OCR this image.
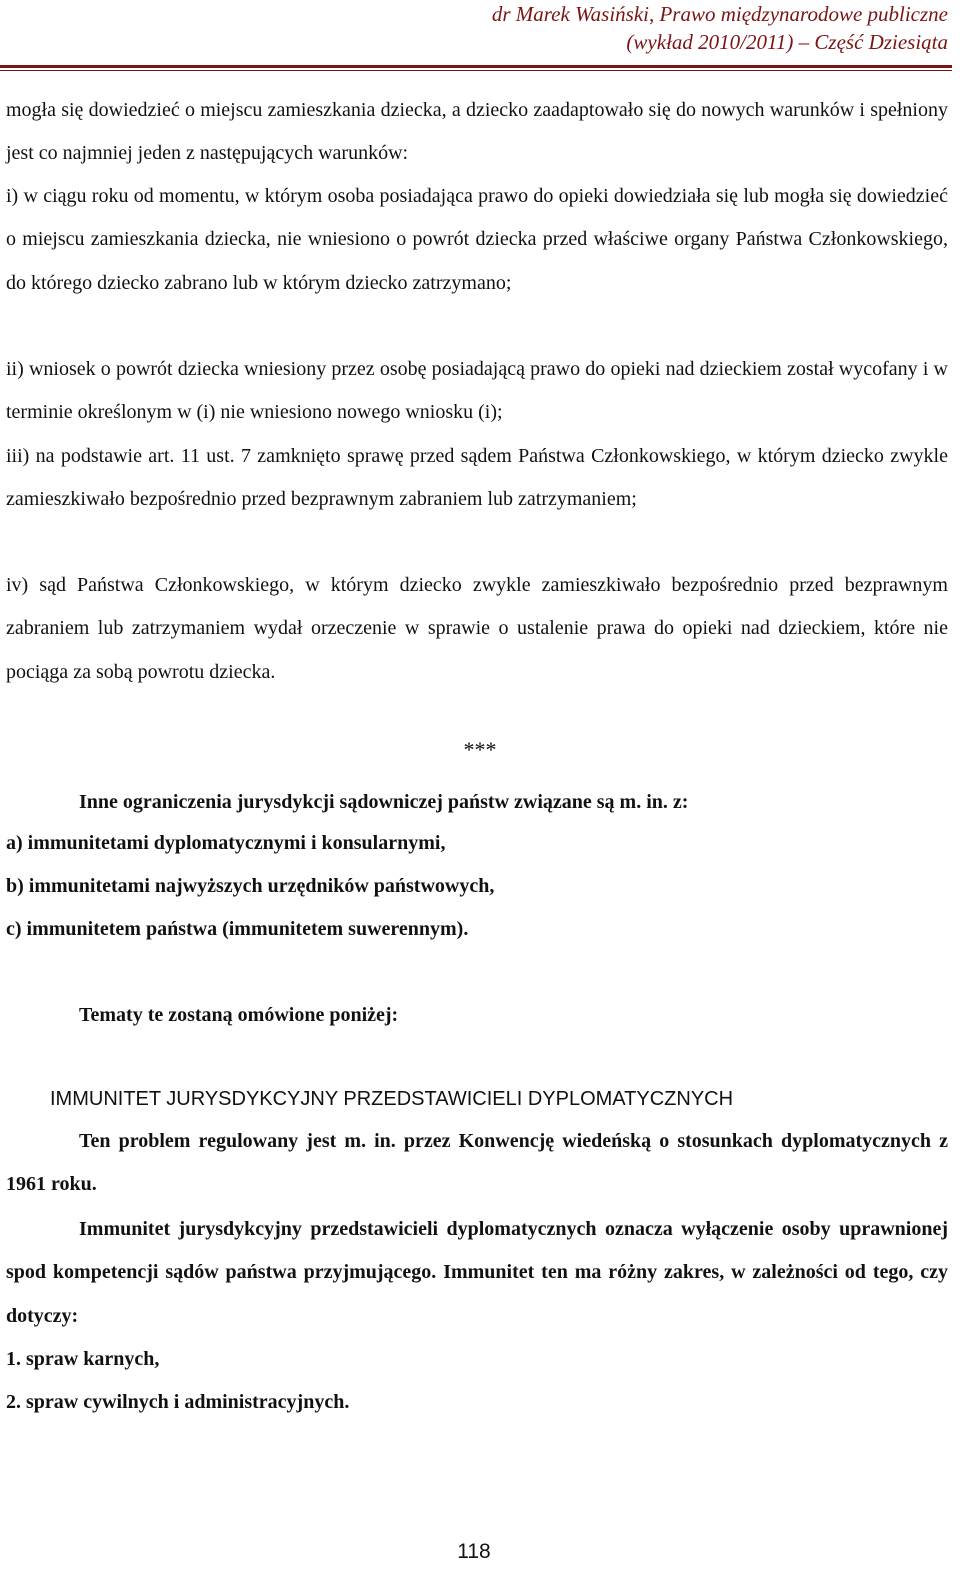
dr Marek Wasiński, Prawo międzynarodowe publiczne
(wykład 2010/2011) – Część Dziesiąta
mogła się dowiedzieć o miejscu zamieszkania dziecka, a dziecko zaadaptowało się do nowych warunków i spełniony jest co najmniej jeden z następujących warunków:
i) w ciągu roku od momentu, w którym osoba posiadająca prawo do opieki dowiedziała się lub mogła się dowiedzieć o miejscu zamieszkania dziecka, nie wniesiono o powrót dziecka przed właściwe organy Państwa Członkowskiego, do którego dziecko zabrano lub w którym dziecko zatrzymano;
ii) wniosek o powrót dziecka wniesiony przez osobę posiadającą prawo do opieki nad dzieckiem został wycofany i w terminie określonym w (i) nie wniesiono nowego wniosku (i);
iii) na podstawie art. 11 ust. 7 zamknięto sprawę przed sądem Państwa Członkowskiego, w którym dziecko zwykle zamieszkiwało bezpośrednio przed bezprawnym zabraniem lub zatrzymaniem;
iv) sąd Państwa Członkowskiego, w którym dziecko zwykle zamieszkiwało bezpośrednio przed bezprawnym zabraniem lub zatrzymaniem wydał orzeczenie w sprawie o ustalenie prawa do opieki nad dzieckiem, które nie pociąga za sobą powrotu dziecka.
***
Inne ograniczenia jurysdykcji sądowniczej państw związane są m. in. z:
a) immunitetami dyplomatycznymi i konsularnymi,
b) immunitetami najwyższych urzędników państwowych,
c) immunitetem państwa (immunitetem suwerennym).
Tematy te zostaną omówione poniżej:
IMMUNITET JURYSDYKCYJNY PRZEDSTAWICIELI DYPLOMATYCZNYCH
Ten problem regulowany jest m. in. przez Konwencję wiedeńską o stosunkach dyplomatycznych z 1961 roku.
Immunitet jurysdykcyjny przedstawicieli dyplomatycznych oznacza wyłączenie osoby uprawnionej spod kompetencji sądów państwa przyjmującego. Immunitet ten ma różny zakres, w zależności od tego, czy dotyczy:
1. spraw karnych,
2. spraw cywilnych i administracyjnych.
118
